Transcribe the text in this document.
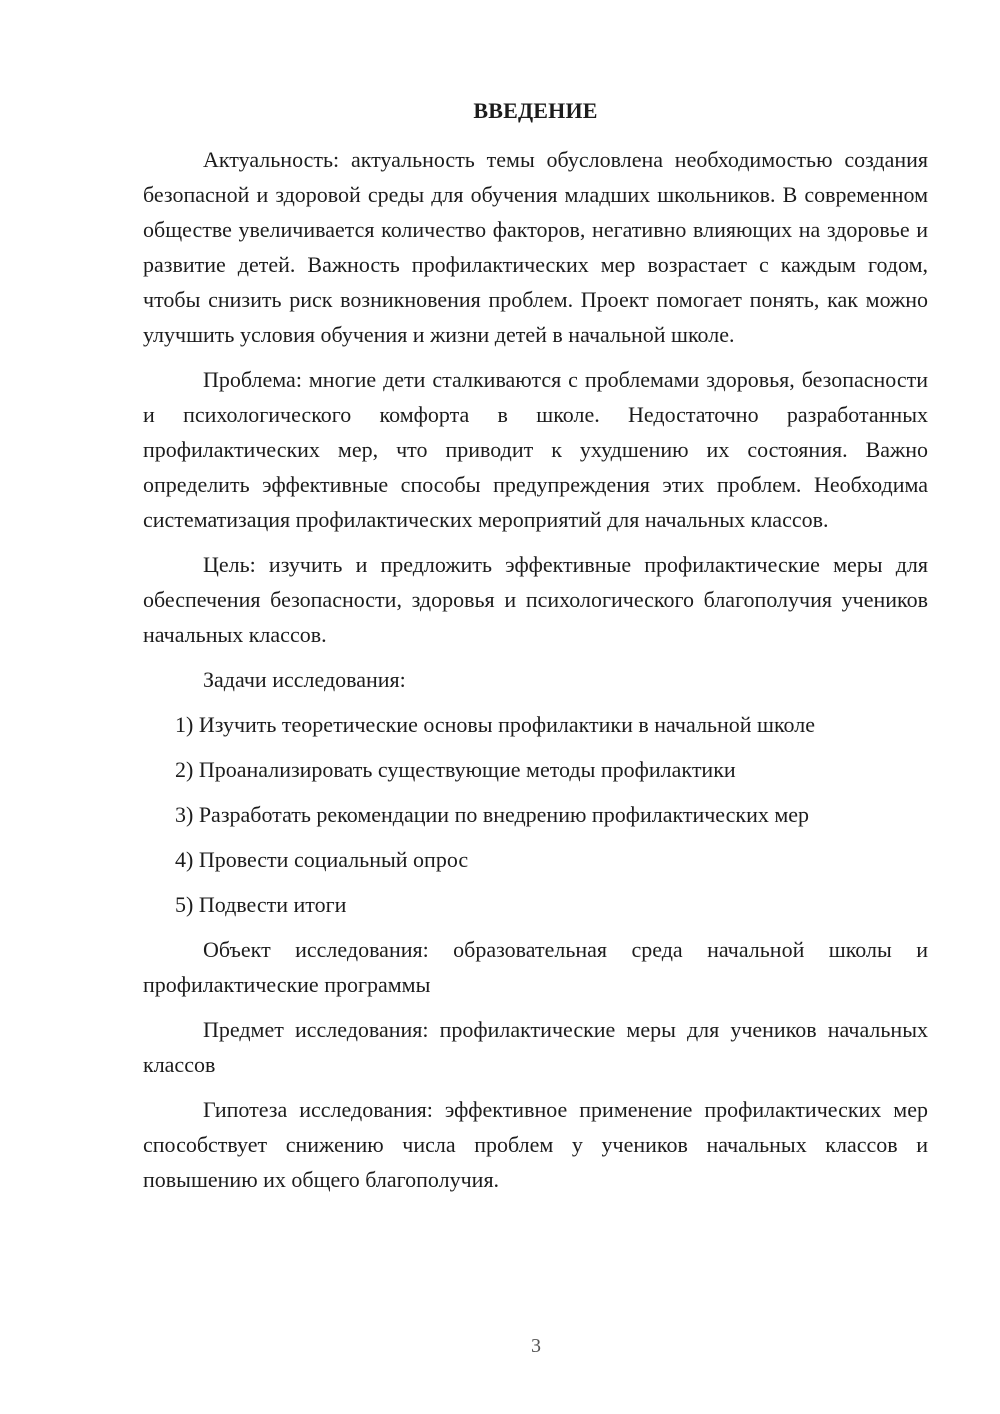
ВВЕДЕНИЕ

Актуальность: актуальность темы обусловлена необходимостью создания безопасной и здоровой среды для обучения младших школьников. В современном обществе увеличивается количество факторов, негативно влияющих на здоровье и развитие детей. Важность профилактических мер возрастает с каждым годом, чтобы снизить риск возникновения проблем. Проект помогает понять, как можно улучшить условия обучения и жизни детей в начальной школе.

Проблема: многие дети сталкиваются с проблемами здоровья, безопасности и психологического комфорта в школе. Недостаточно разработанных профилактических мер, что приводит к ухудшению их состояния. Важно определить эффективные способы предупреждения этих проблем. Необходима систематизация профилактических мероприятий для начальных классов.

Цель: изучить и предложить эффективные профилактические меры для обеспечения безопасности, здоровья и психологического благополучия учеников начальных классов.

Задачи исследования:

1) Изучить теоретические основы профилактики в начальной школе

2) Проанализировать существующие методы профилактики

3) Разработать рекомендации по внедрению профилактических мер

4) Провести социальный опрос

5) Подвести итоги

Объект исследования: образовательная среда начальной школы и профилактические программы

Предмет исследования: профилактические меры для учеников начальных классов

Гипотеза исследования: эффективное применение профилактических мер способствует снижению числа проблем у учеников начальных классов и повышению их общего благополучия.

3
